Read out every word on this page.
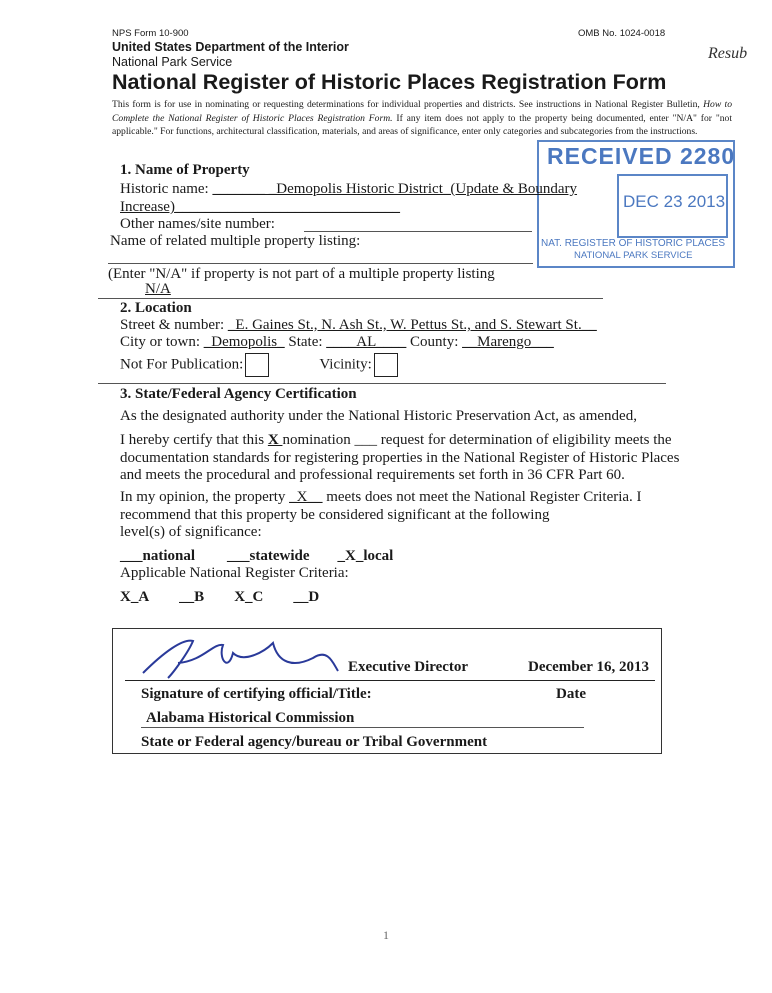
NPS Form 10-900	OMB No. 1024-0018
United States Department of the Interior
National Park Service
National Register of Historic Places Registration Form
Resub
This form is for use in nominating or requesting determinations for individual properties and districts. See instructions in National Register Bulletin, How to Complete the National Register of Historic Places Registration Form. If any item does not apply to the property being documented, enter "N/A" for "not applicable." For functions, architectural classification, materials, and areas of significance, enter only categories and subcategories from the instructions.
RECEIVED 2280
DEC 23 2013
NAT. REGISTER OF HISTORIC PLACES
NATIONAL PARK SERVICE
1. Name of Property
Historic name: _______ _Demopolis Historic District_(Update & Boundary
Increase)______________________________
Other names/site number:
Name of related multiple property listing:
(Enter "N/A" if property is not part of a multiple property listing
N/A
2. Location
Street & number: _E. Gaines St., N. Ash St., W. Pettus St., and S. Stewart St.__
City or town: _Demopolis_ State: ____AL____ County: __Marengo___
Not For Publication:	Vicinity:
3. State/Federal Agency Certification
As the designated authority under the National Historic Preservation Act, as amended,
I hereby certify that this X nomination ___ request for determination of eligibility meets the
documentation standards for registering properties in the National Register of Historic Places
and meets the procedural and professional requirements set forth in 36 CFR Part 60.
In my opinion, the property _X__ meets does not meet the National Register Criteria. I
recommend that this property be considered significant at the following
level(s) of significance:
___national ___statewide _X_local
Applicable National Register Criteria:
X_A __B X_C __D
Executive Director	December 16, 2013
Signature of certifying official/Title:	Date
Alabama Historical Commission
State or Federal agency/bureau or Tribal Government
1
